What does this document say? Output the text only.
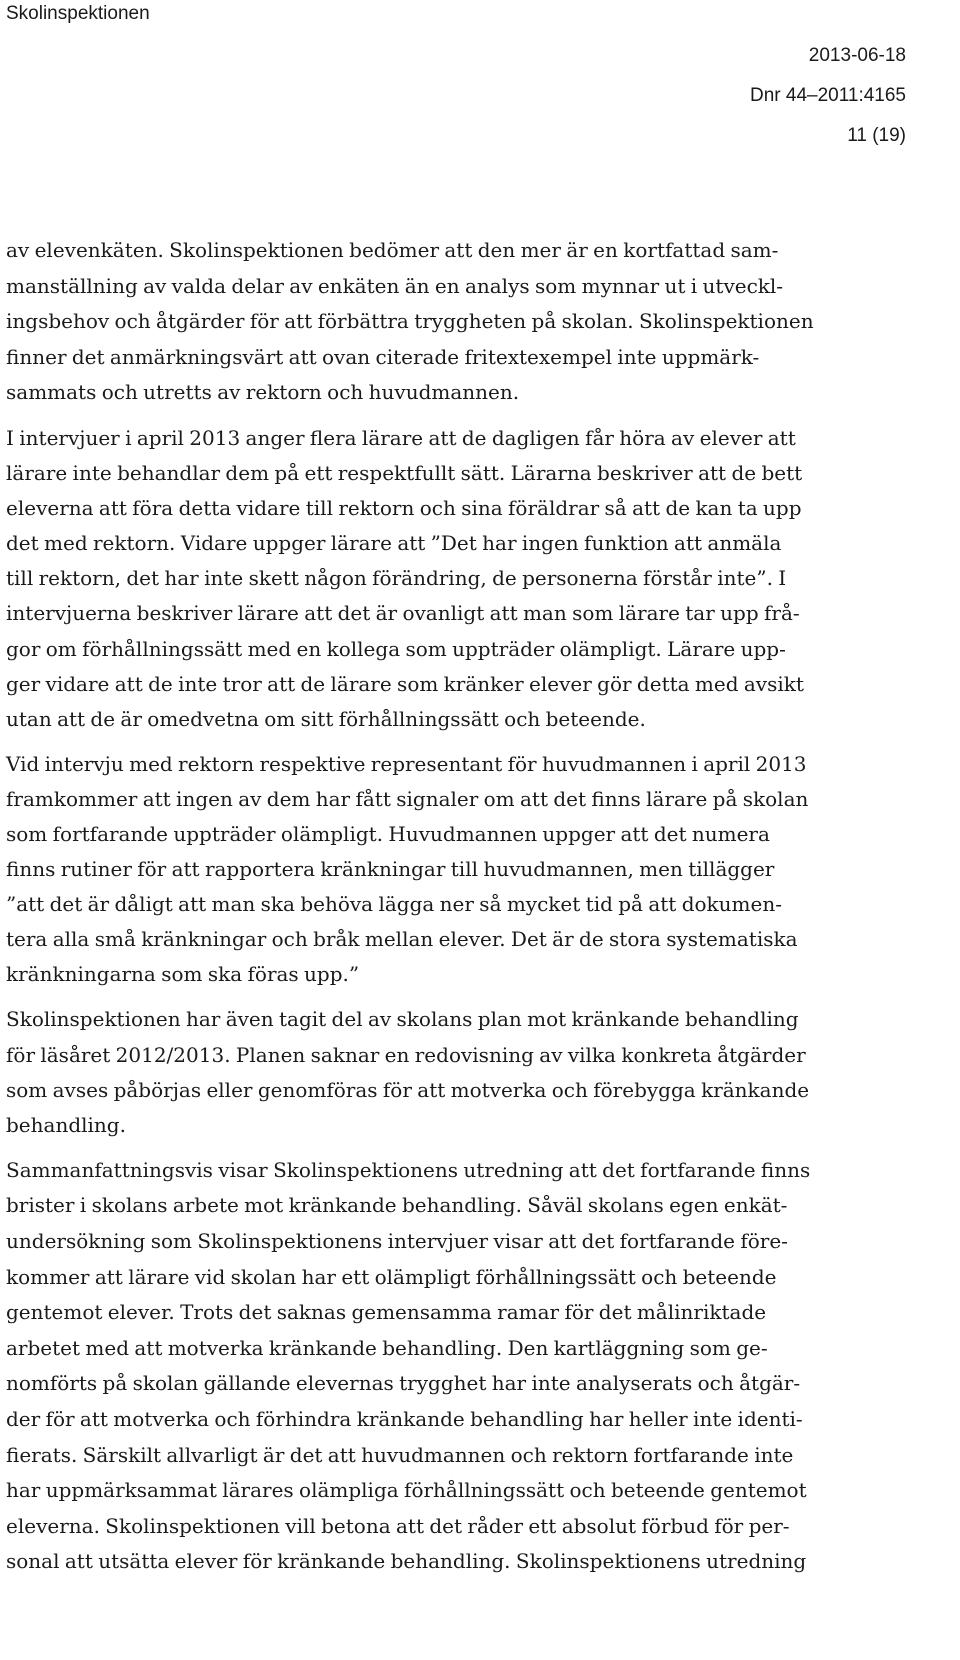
Skolinspektionen
2013-06-18
Dnr 44–2011:4165
11 (19)
av elevenkäten. Skolinspektionen bedömer att den mer är en kortfattad sam-
manställning av valda delar av enkäten än en analys som mynnar ut i utveckl-
ingsbehov och åtgärder för att förbättra tryggheten på skolan. Skolinspektionen
finner det anmärkningsvärt att ovan citerade fritextexempel inte uppmärk-
sammats och utretts av rektorn och huvudmannen.
I intervjuer i april 2013 anger flera lärare att de dagligen får höra av elever att
lärare inte behandlar dem på ett respektfullt sätt. Lärarna beskriver att de bett
eleverna att föra detta vidare till rektorn och sina föräldrar så att de kan ta upp
det med rektorn. Vidare uppger lärare att ”Det har ingen funktion att anmäla
till rektorn, det har inte skett någon förändring, de personerna förstår inte”. I
intervjuerna beskriver lärare att det är ovanligt att man som lärare tar upp frå-
gor om förhållningssätt med en kollega som uppträder olämpligt. Lärare upp-
ger vidare att de inte tror att de lärare som kränker elever gör detta med avsikt
utan att de är omedvetna om sitt förhållningssätt och beteende.
Vid intervju med rektorn respektive representant för huvudmannen i april 2013
framkommer att ingen av dem har fått signaler om att det finns lärare på skolan
som fortfarande uppträder olämpligt. Huvudmannen uppger att det numera
finns rutiner för att rapportera kränkningar till huvudmannen, men tillägger
”att det är dåligt att man ska behöva lägga ner så mycket tid på att dokumen-
tera alla små kränkningar och bråk mellan elever. Det är de stora systematiska
kränkningarna som ska föras upp.”
Skolinspektionen har även tagit del av skolans plan mot kränkande behandling
för läsåret 2012/2013. Planen saknar en redovisning av vilka konkreta åtgärder
som avses påbörjas eller genomföras för att motverka och förebygga kränkande
behandling.
Sammanfattningsvis visar Skolinspektionens utredning att det fortfarande finns
brister i skolans arbete mot kränkande behandling. Såväl skolans egen enkät-
undersökning som Skolinspektionens intervjuer visar att det fortfarande före-
kommer att lärare vid skolan har ett olämpligt förhållningssätt och beteende
gentemot elever. Trots det saknas gemensamma ramar för det målinriktade
arbetet med att motverka kränkande behandling. Den kartläggning som ge-
nomförts på skolan gällande elevernas trygghet har inte analyserats och åtgär-
der för att motverka och förhindra kränkande behandling har heller inte identi-
fierats. Särskilt allvarligt är det att huvudmannen och rektorn fortfarande inte
har uppmärksammat lärares olämpliga förhållningssätt och beteende gentemot
eleverna. Skolinspektionen vill betona att det råder ett absolut förbud för per-
sonal att utsätta elever för kränkande behandling. Skolinspektionens utredning
